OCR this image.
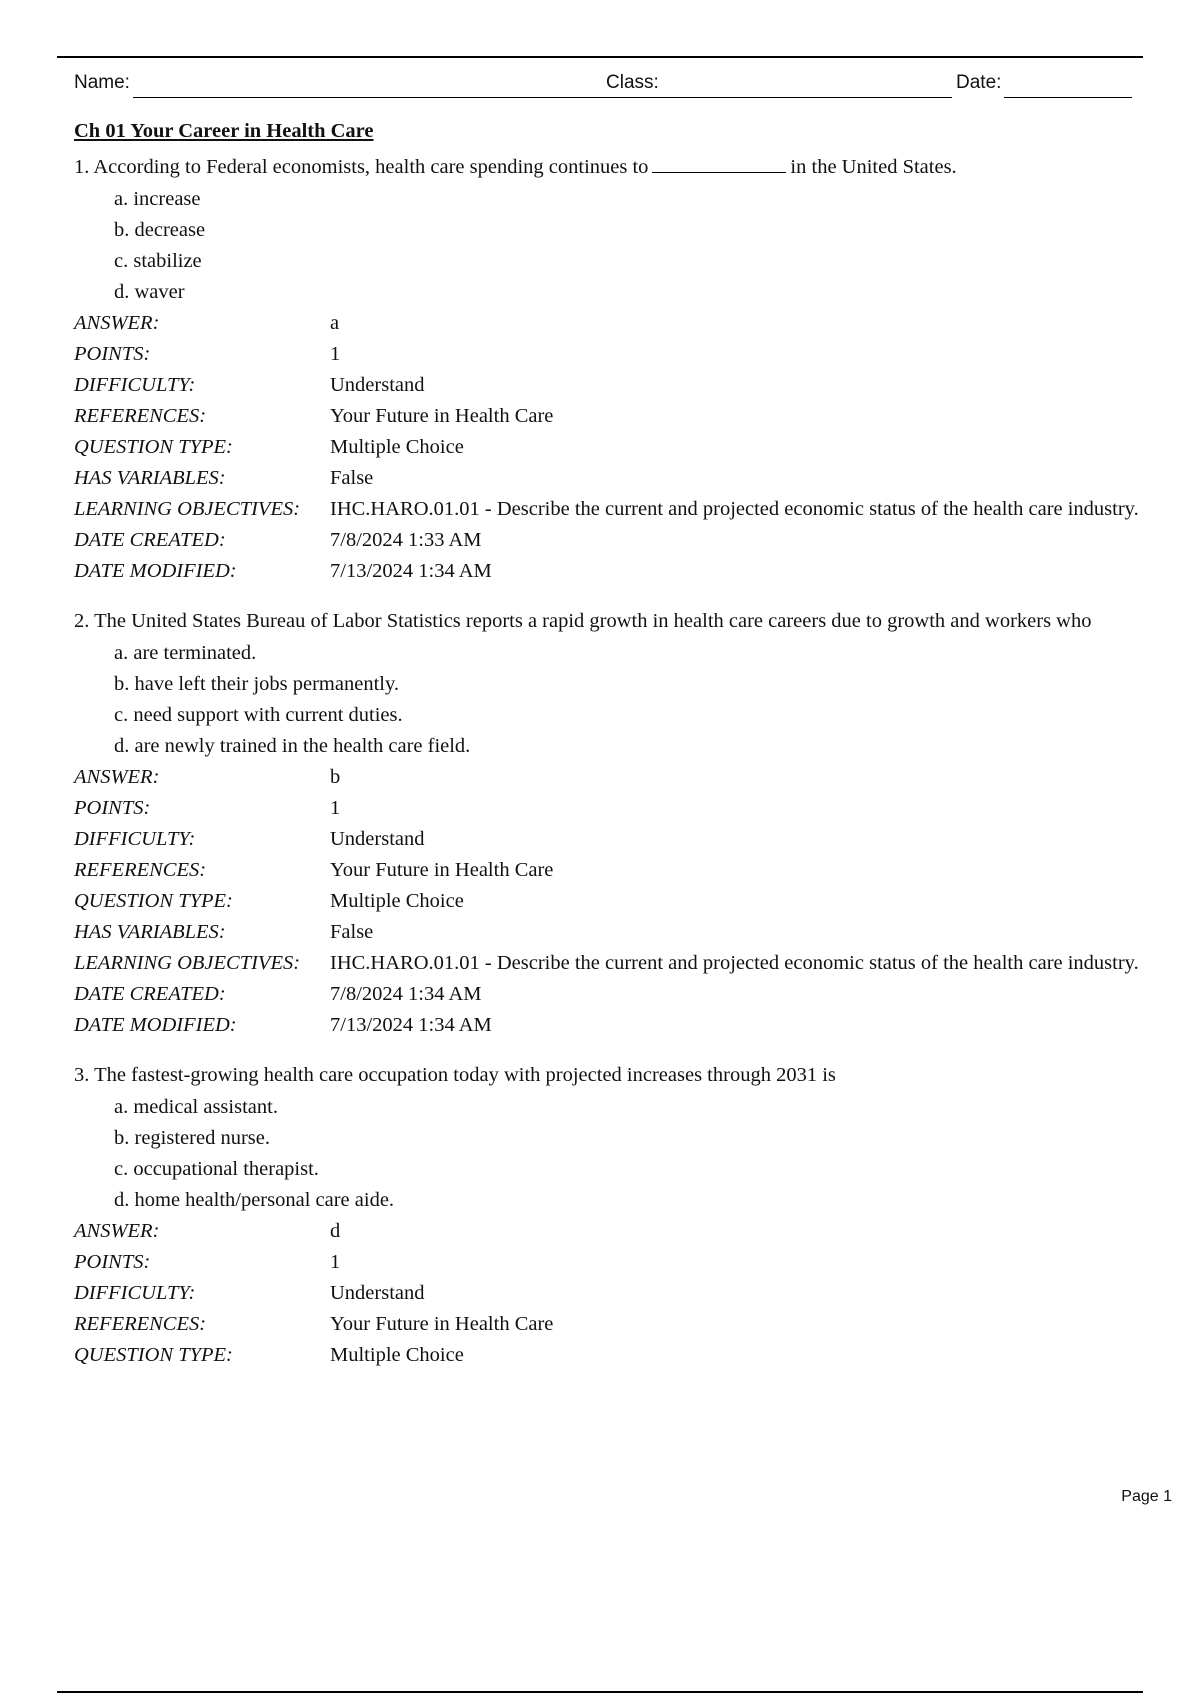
Name:	Class:	Date:
Ch 01 Your Career in Health Care
1. According to Federal economists, health care spending continues to	in the United States.
a. increase
b. decrease
c. stabilize
d. waver
ANSWER:	a
POINTS:	1
DIFFICULTY:	Understand
REFERENCES:	Your Future in Health Care
QUESTION TYPE:	Multiple Choice
HAS VARIABLES:	False
LEARNING OBJECTIVES:	IHC.HARO.01.01 - Describe the current and projected economic status of the health care industry.
DATE CREATED:	7/8/2024 1:33 AM
DATE MODIFIED:	7/13/2024 1:34 AM
2. The United States Bureau of Labor Statistics reports a rapid growth in health care careers due to growth and workers who
a. are terminated.
b. have left their jobs permanently.
c. need support with current duties.
d. are newly trained in the health care field.
ANSWER:	b
POINTS:	1
DIFFICULTY:	Understand
REFERENCES:	Your Future in Health Care
QUESTION TYPE:	Multiple Choice
HAS VARIABLES:	False
LEARNING OBJECTIVES:	IHC.HARO.01.01 - Describe the current and projected economic status of the health care industry.
DATE CREATED:	7/8/2024 1:34 AM
DATE MODIFIED:	7/13/2024 1:34 AM
3. The fastest-growing health care occupation today with projected increases through 2031 is
a. medical assistant.
b. registered nurse.
c. occupational therapist.
d. home health/personal care aide.
ANSWER:	d
POINTS:	1
DIFFICULTY:	Understand
REFERENCES:	Your Future in Health Care
QUESTION TYPE:	Multiple Choice
Page 1
